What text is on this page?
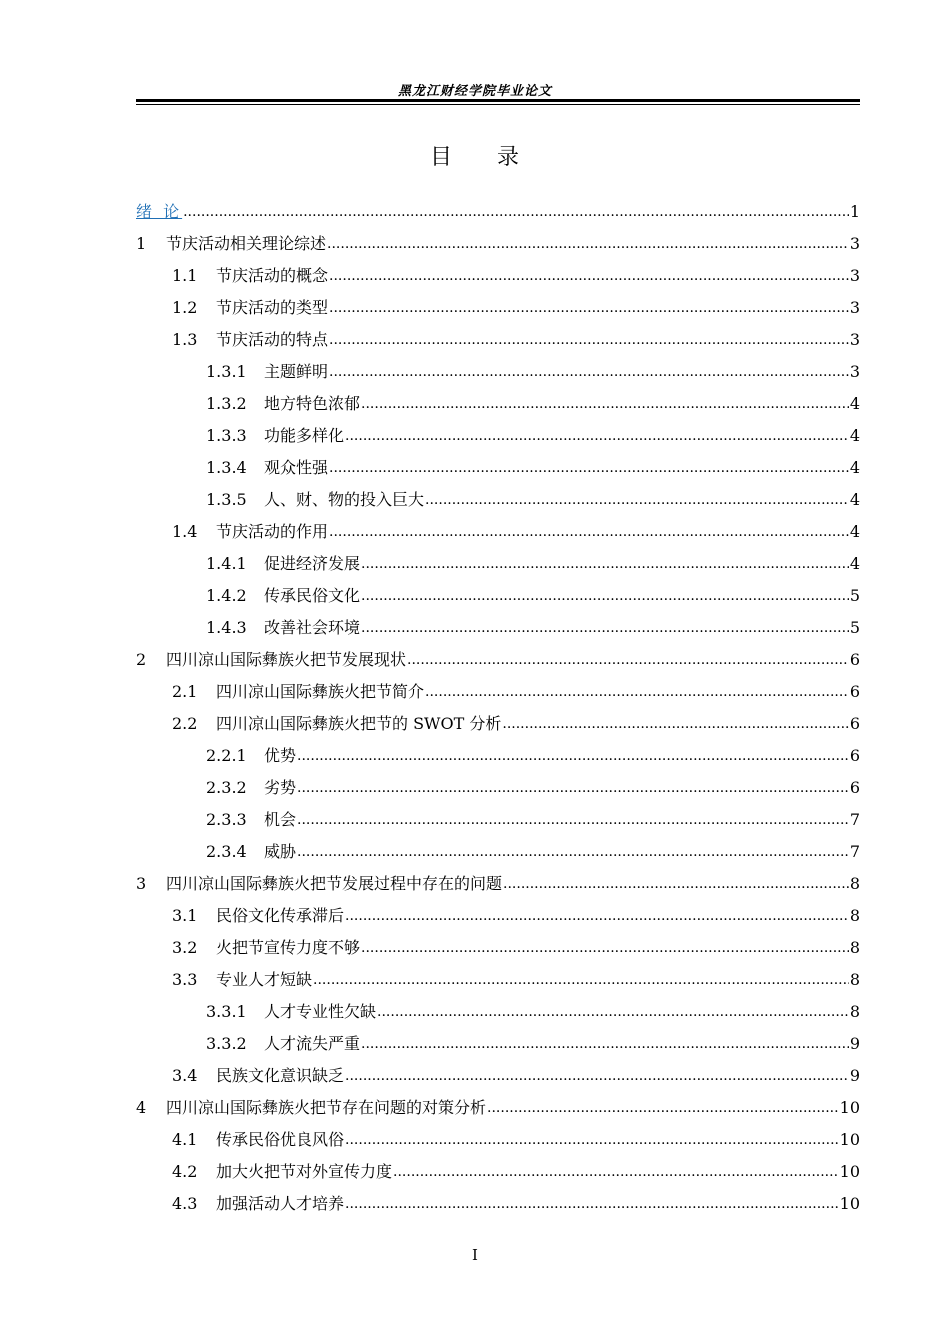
黑龙江财经学院毕业论文
目 录
绪 论 .....	1
1	节庆活动相关理论综述 .....	3
1.1	节庆活动的概念 .....	3
1.2	节庆活动的类型 .....	3
1.3	节庆活动的特点 .....	3
1.3.1	主题鲜明 .....	3
1.3.2	地方特色浓郁 .....	4
1.3.3	功能多样化 .....	4
1.3.4	观众性强 .....	4
1.3.5	人、财、物的投入巨大 .....	4
1.4	节庆活动的作用 .....	4
1.4.1	促进经济发展 .....	4
1.4.2	传承民俗文化 .....	5
1.4.3	改善社会环境 .....	5
2	四川凉山国际彝族火把节发展现状 .....	6
2.1	四川凉山国际彝族火把节简介 .....	6
2.2	四川凉山国际彝族火把节的 SWOT 分析 .....	6
2.2.1	优势 .....	6
2.3.2	劣势 .....	6
2.3.3	机会 .....	7
2.3.4	威胁 .....	7
3	四川凉山国际彝族火把节发展过程中存在的问题 .....	8
3.1	民俗文化传承滞后 .....	8
3.2	火把节宣传力度不够 .....	8
3.3	专业人才短缺 .....	8
3.3.1	人才专业性欠缺 .....	8
3.3.2	人才流失严重 .....	9
3.4	民族文化意识缺乏 .....	9
4	四川凉山国际彝族火把节存在问题的对策分析 .....	10
4.1	传承民俗优良风俗 .....	10
4.2	加大火把节对外宣传力度 .....	10
4.3	加强活动人才培养 .....	10
I
